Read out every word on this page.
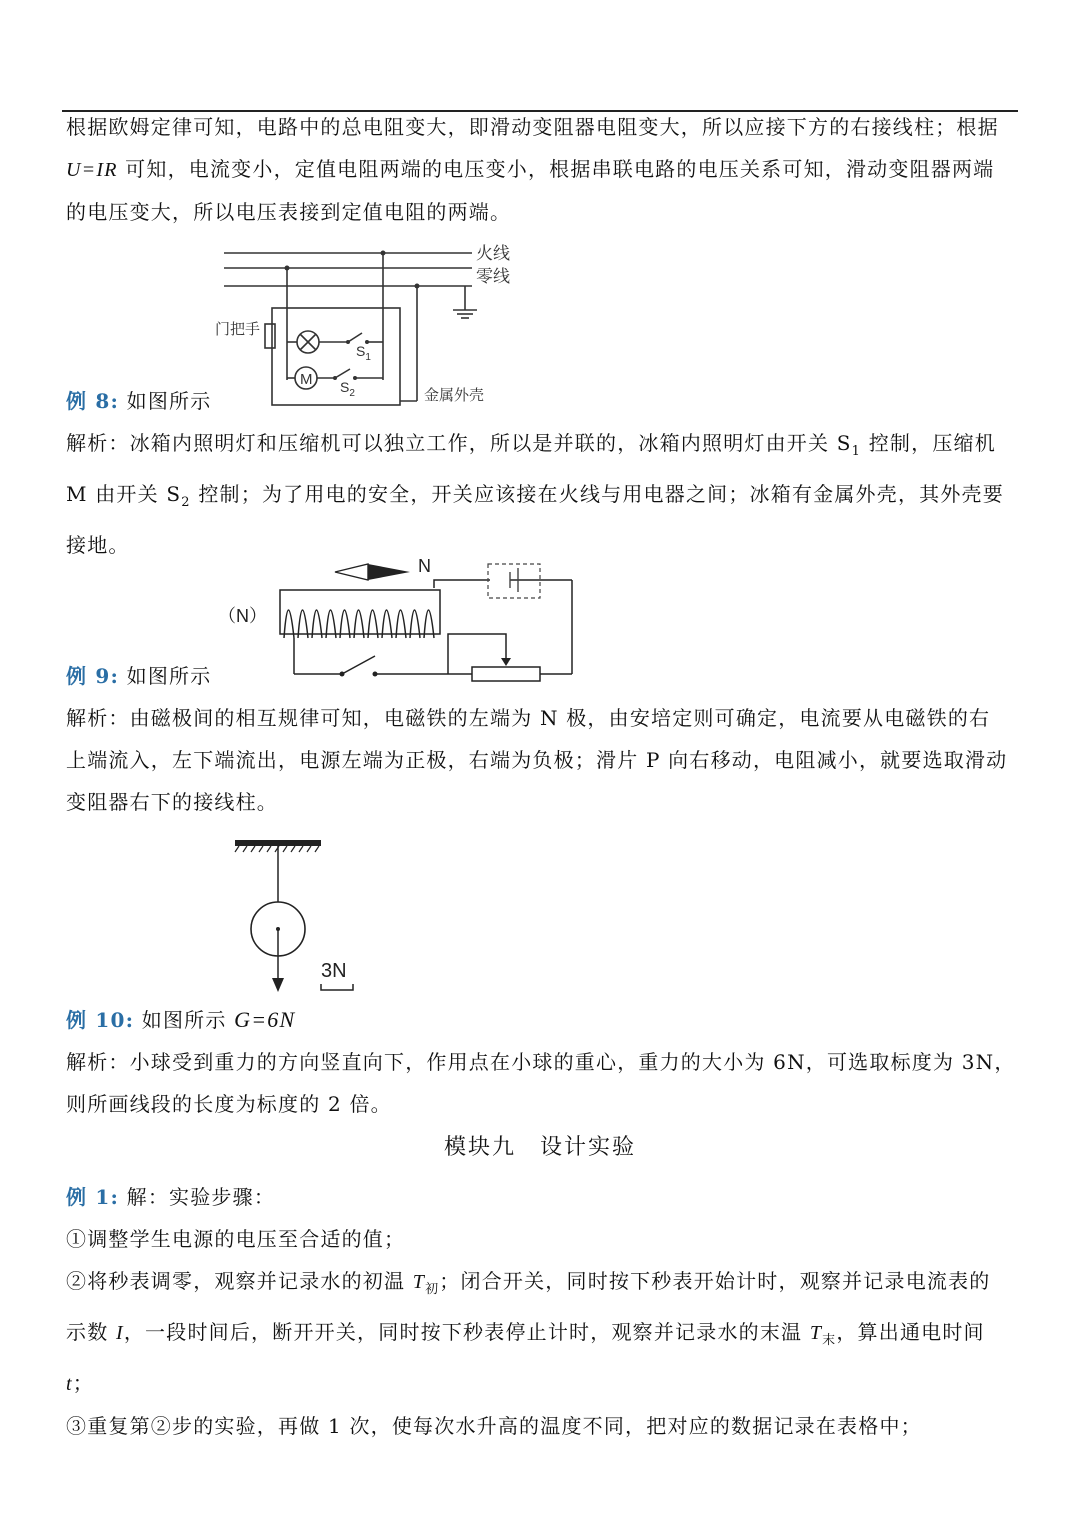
根据欧姆定律可知，电路中的总电阻变大，即滑动变阻器电阻变大，所以应接下方的右接线柱；根据
U=IR 可知，电流变小，定值电阻两端的电压变小，根据串联电路的电压关系可知，滑动变阻器两端
的电压变大，所以电压表接到定值电阻的两端。
火线
零线
门把手
M
$S_1$
$S_2$	金属外壳
例 8: 如图所示
解析：冰箱内照明灯和压缩机可以独立工作，所以是并联的，冰箱内照明灯由开关 $S_1$ 控制，压缩机
M 由开关 $S_2$ 控制；为了用电的安全，开关应该接在火线与用电器之间；冰箱有金属外壳，其外壳要
接地。
N
（N）
例 9: 如图所示
解析：由磁极间的相互规律可知，电磁铁的左端为 N 极，由安培定则可确定，电流要从电磁铁的右
上端流入，左下端流出，电源左端为正极，右端为负极；滑片 P 向右移动，电阻减小，就要选取滑动
变阻器右下的接线柱。
3N
例 10: 如图所示 G=6N
解析：小球受到重力的方向竖直向下，作用点在小球的重心，重力的大小为 6N，可选取标度为 3N，
则所画线段的长度为标度的 2 倍。
模块九　设计实验
例 1: 解：实验步骤：
①调整学生电源的电压至合适的值；
②将秒表调零，观察并记录水的初温 $T_初$；闭合开关，同时按下秒表开始计时，观察并记录电流表的
示数 I，一段时间后，断开开关，同时按下秒表停止计时，观察并记录水的末温 $T_末$，算出通电时间
t；
③重复第②步的实验，再做 1 次，使每次水升高的温度不同，把对应的数据记录在表格中；
